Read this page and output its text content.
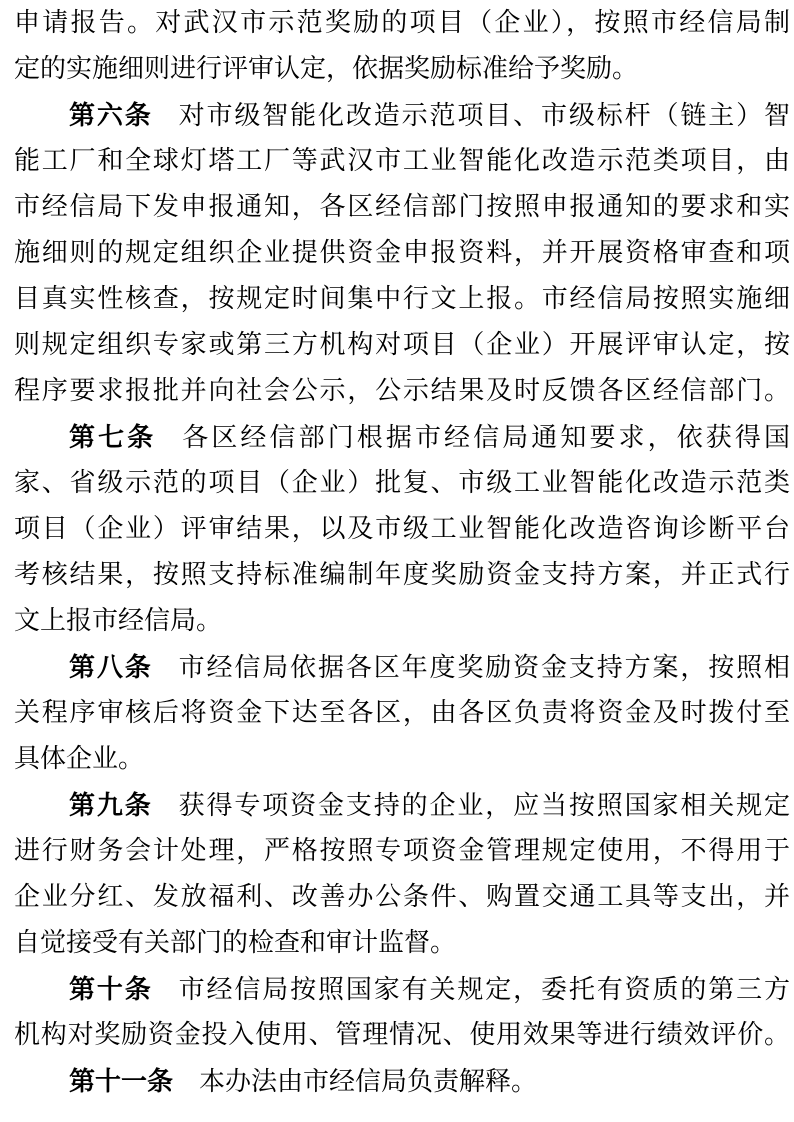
申请报告。对武汉市示范奖励的项目（企业），按照市经信局制
定的实施细则进行评审认定，依据奖励标准给予奖励。
第六条 对市级智能化改造示范项目、市级标杆（链主）智
能工厂和全球灯塔工厂等武汉市工业智能化改造示范类项目，由
市经信局下发申报通知，各区经信部门按照申报通知的要求和实
施细则的规定组织企业提供资金申报资料，并开展资格审查和项
目真实性核查，按规定时间集中行文上报。市经信局按照实施细
则规定组织专家或第三方机构对项目（企业）开展评审认定，按
程序要求报批并向社会公示，公示结果及时反馈各区经信部门。
第七条 各区经信部门根据市经信局通知要求，依获得国
家、省级示范的项目（企业）批复、市级工业智能化改造示范类
项目（企业）评审结果，以及市级工业智能化改造咨询诊断平台
考核结果，按照支持标准编制年度奖励资金支持方案，并正式行
文上报市经信局。
第八条 市经信局依据各区年度奖励资金支持方案，按照相
关程序审核后将资金下达至各区，由各区负责将资金及时拨付至
具体企业。
第九条 获得专项资金支持的企业，应当按照国家相关规定
进行财务会计处理，严格按照专项资金管理规定使用，不得用于
企业分红、发放福利、改善办公条件、购置交通工具等支出，并
自觉接受有关部门的检查和审计监督。
第十条 市经信局按照国家有关规定，委托有资质的第三方
机构对奖励资金投入使用、管理情况、使用效果等进行绩效评价。
第十一条 本办法由市经信局负责解释。
